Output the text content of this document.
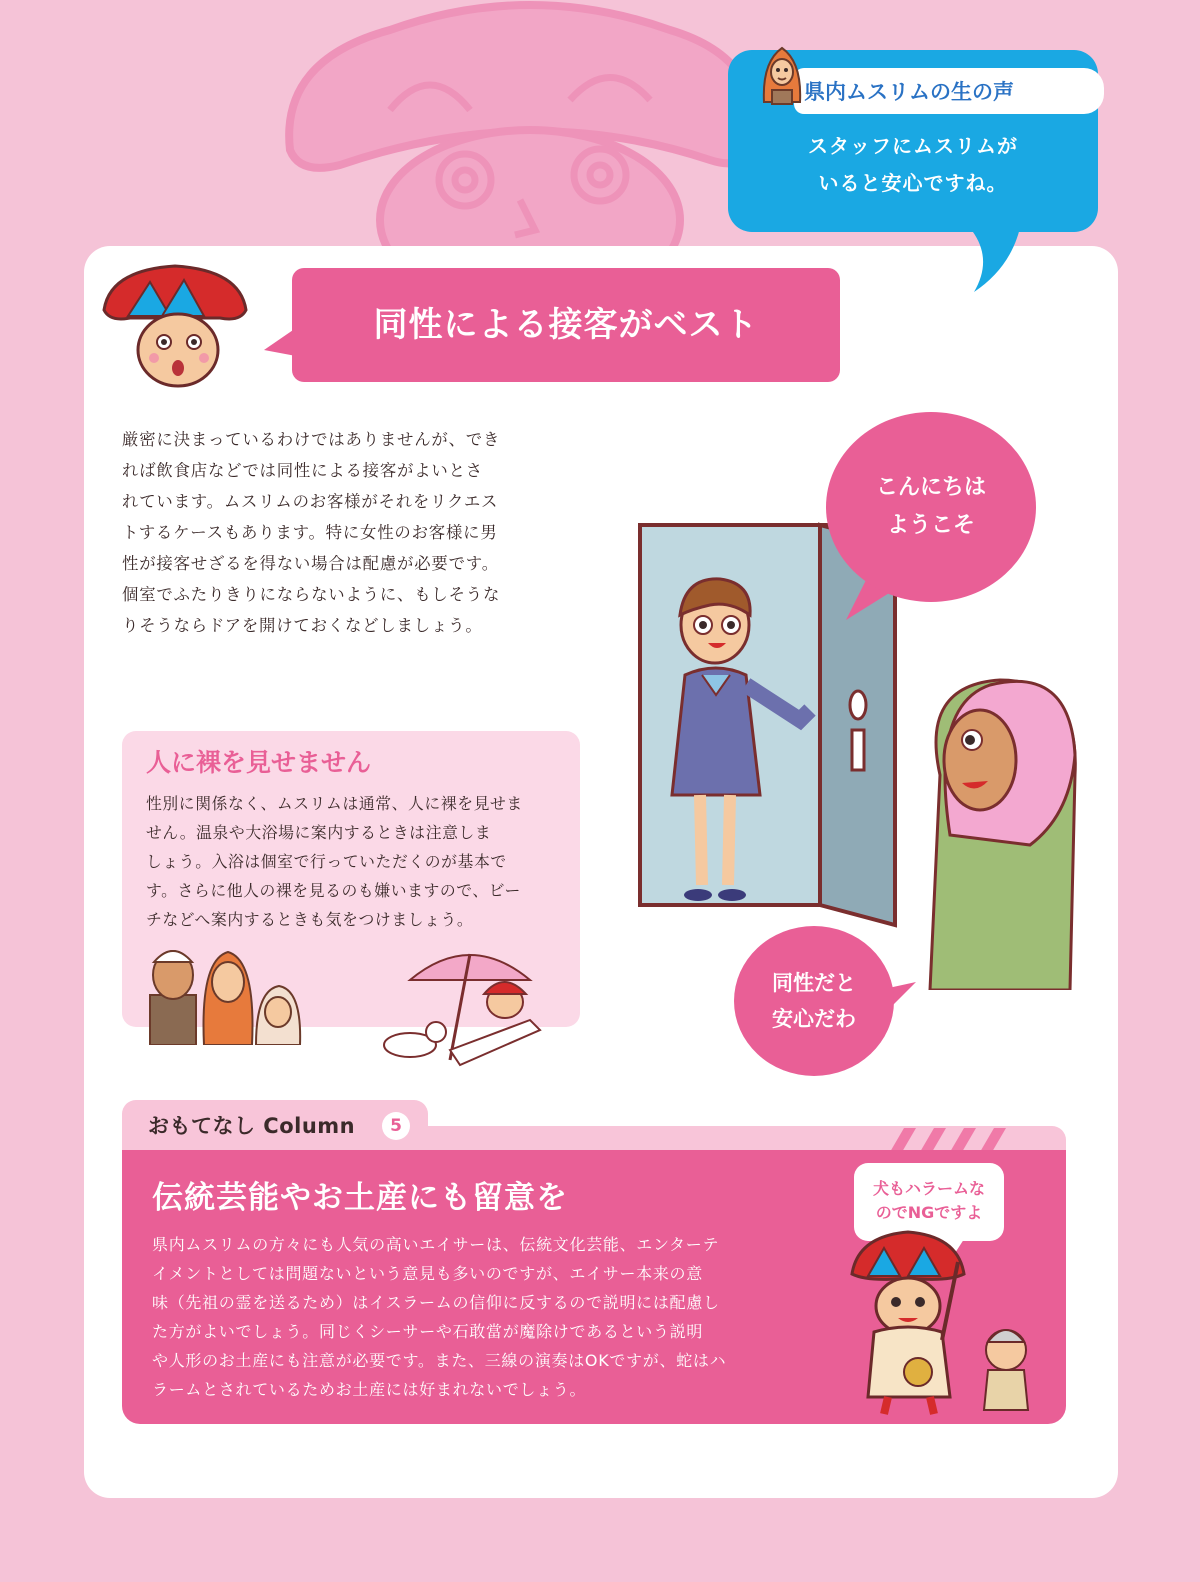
県内ムスリムの生の声
スタッフにムスリムが
いると安心ですね。
同性による接客がベスト
厳密に決まっているわけではありませんが、でき
れば飲食店などでは同性による接客がよいとさ
れています。ムスリムのお客様がそれをリクエス
トするケースもあります。特に女性のお客様に男
性が接客せざるを得ない場合は配慮が必要です。
個室でふたりきりにならないように、もしそうな
りそうならドアを開けておくなどしましょう。
こんにちは
ようこそ
同性だと
安心だわ
人に裸を見せません
性別に関係なく、ムスリムは通常、人に裸を見せま
せん。温泉や大浴場に案内するときは注意しま
しょう。入浴は個室で行っていただくのが基本で
す。さらに他人の裸を見るのも嫌いますので、ビー
チなどへ案内するときも気をつけましょう。
おもてなし Column	5
伝統芸能やお土産にも留意を
県内ムスリムの方々にも人気の高いエイサーは、伝統文化芸能、エンターテ
イメントとしては問題ないという意見も多いのですが、エイサー本来の意
味（先祖の霊を送るため）はイスラームの信仰に反するので説明には配慮し
た方がよいでしょう。同じくシーサーや石敢當が魔除けであるという説明
や人形のお土産にも注意が必要です。また、三線の演奏はOKですが、蛇はハ
ラームとされているためお土産には好まれないでしょう。
犬もハラームな
のでNGですよ
